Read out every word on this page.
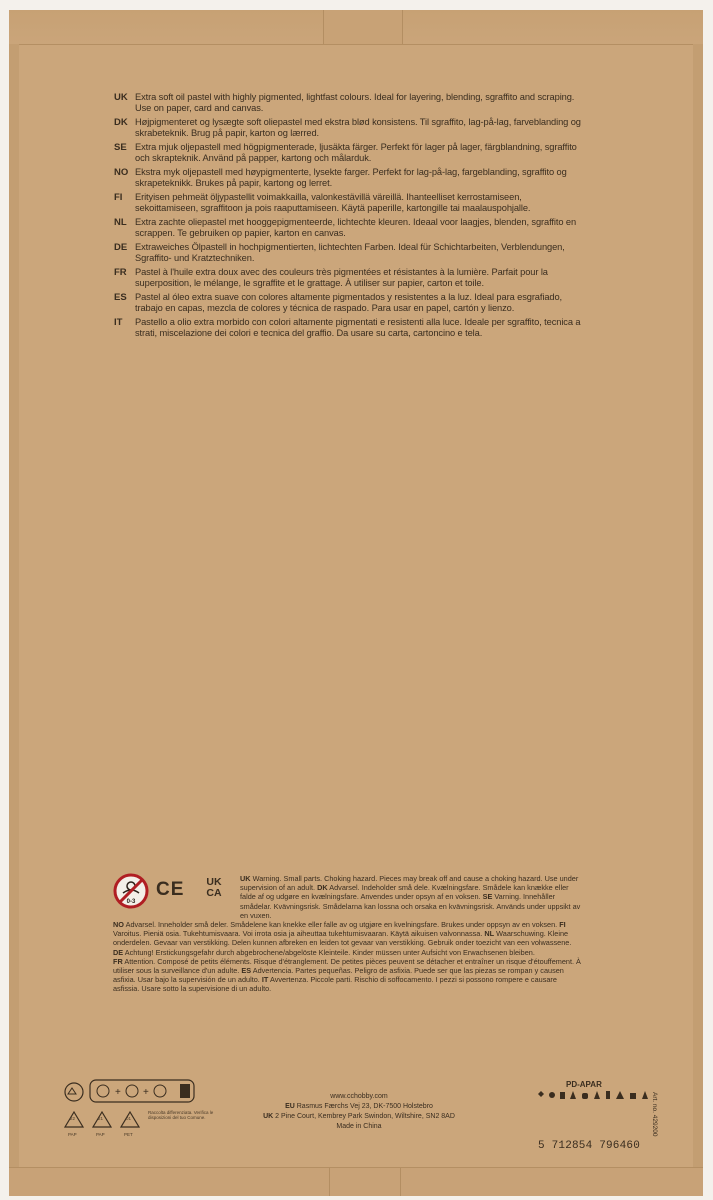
UK Extra soft oil pastel with highly pigmented, lightfast colours. Ideal for layering, blending, sgraffito and scraping. Use on paper, card and canvas.
DK Højpigmenteret og lysægte soft oliepastel med ekstra blød konsistens. Til sgraffito, lag-på-lag, farveblanding og skrabeteknik. Brug på papir, karton og lærred.
SE Extra mjuk oljepastell med högpigmenterade, ljusäkta färger. Perfekt för lager på lager, färgblandning, sgraffito och skrapteknik. Använd på papper, kartong och målarduk.
NO Ekstra myk oljepastell med høypigmenterte, lysekte farger. Perfekt for lag-på-lag, fargeblanding, sgraffito og skrapeteknikk. Brukes på papir, kartong og lerret.
FI	Erityisen pehmeät öljypastellit voimakkailla, valonkestävillä väreillä. Ihanteelliset kerrostamiseen, sekoittamiseen, sgraffitoon ja pois raaputtamiseen. Käytä paperille, kartongille tai maalauspohjalle.
NL Extra zachte oliepastel met hooggepigmenteerde, lichtechte kleuren. Ideaal voor laagjes, blenden, sgraffito en scrappen. Te gebruiken op papier, karton en canvas.
DE Extraweiches Ölpastell in hochpigmentierten, lichtechten Farben. Ideal für Schichtarbeiten, Verblendungen, Sgraffito- und Kratztechniken.
FR Pastel à l'huile extra doux avec des couleurs très pigmentées et résistantes à la lumière. Parfait pour la superposition, le mélange, le sgraffite et le grattage. À utiliser sur papier, carton et toile.
ES Pastel al óleo extra suave con colores altamente pigmentados y resistentes a la luz. Ideal para esgrafiado, trabajo en capas, mezcla de colores y técnica de raspado. Para usar en papel, cartón y lienzo.
IT	Pastello a olio extra morbido con colori altamente pigmentati e resistenti alla luce. Ideale per sgraffito, tecnica a strati, miscelazione dei colori e tecnica del graffio. Da usare su carta, cartoncino e tela.
0-3
CE	UK
CA
UK Warning. Small parts. Choking hazard. Pieces may break off and cause a choking hazard. Use under supervision of an adult. DK Advarsel. Indeholder små dele. Kvælningsfare. Smådele kan knække eller falde af og udgøre en kvælningsfare. Anvendes under opsyn af en voksen. SE Varning. Innehåller smådelar. Kvävningsrisk. Smådelarna kan lossna och orsaka en kvävningsrisk. Används under uppsikt av en vuxen.
NO Advarsel. Inneholder små deler. Smådelene kan knekke eller falle av og utgjøre en kvelningsfare. Brukes under oppsyn av en voksen. FI Varoitus. Pieniä osia. Tukehtumisvaara. Voi irrota osia ja aiheuttaa tukehtumisvaaran. Käytä aikuisen valvonnassa. NL Waarschuwing. Kleine onderdelen. Gevaar van verstikking. Delen kunnen afbreken en leiden tot gevaar van verstikking. Gebruik onder toezicht van een volwassene. DE Achtung! Erstickungsgefahr durch abgebrochene/abgelöste Kleinteile. Kinder müssen unter Aufsicht von Erwachsenen bleiben.
FR Attention. Composé de petits éléments. Risque d'étranglement. De petites pièces peuvent se détacher et entraîner un risque d'étouffement. À utiliser sous la surveillance d'un adulte. ES Advertencia. Partes pequeñas. Peligro de asfixia. Puede ser que las piezas se rompan y causen asfixia. Usar bajo la supervisión de un adulto. IT Avvertenza. Piccole parti. Rischio di soffocamento. I pezzi si possono rompere e causare asfissia. Usare sotto la supervisione di un adulto.
+ +
22	21	01
PAP	PAP	PET
Raccolta differenziata. Verifica le disposizioni del tuo Comune.
www.cchobby.com
EU Rasmus Færchs Vej 23, DK-7500 Holstebro
UK 2 Pine Court, Kembrey Park Swindon, Wiltshire, SN2 8AD
Made in China
PD-APAR
Art. no. 429200
5 712854 796460
